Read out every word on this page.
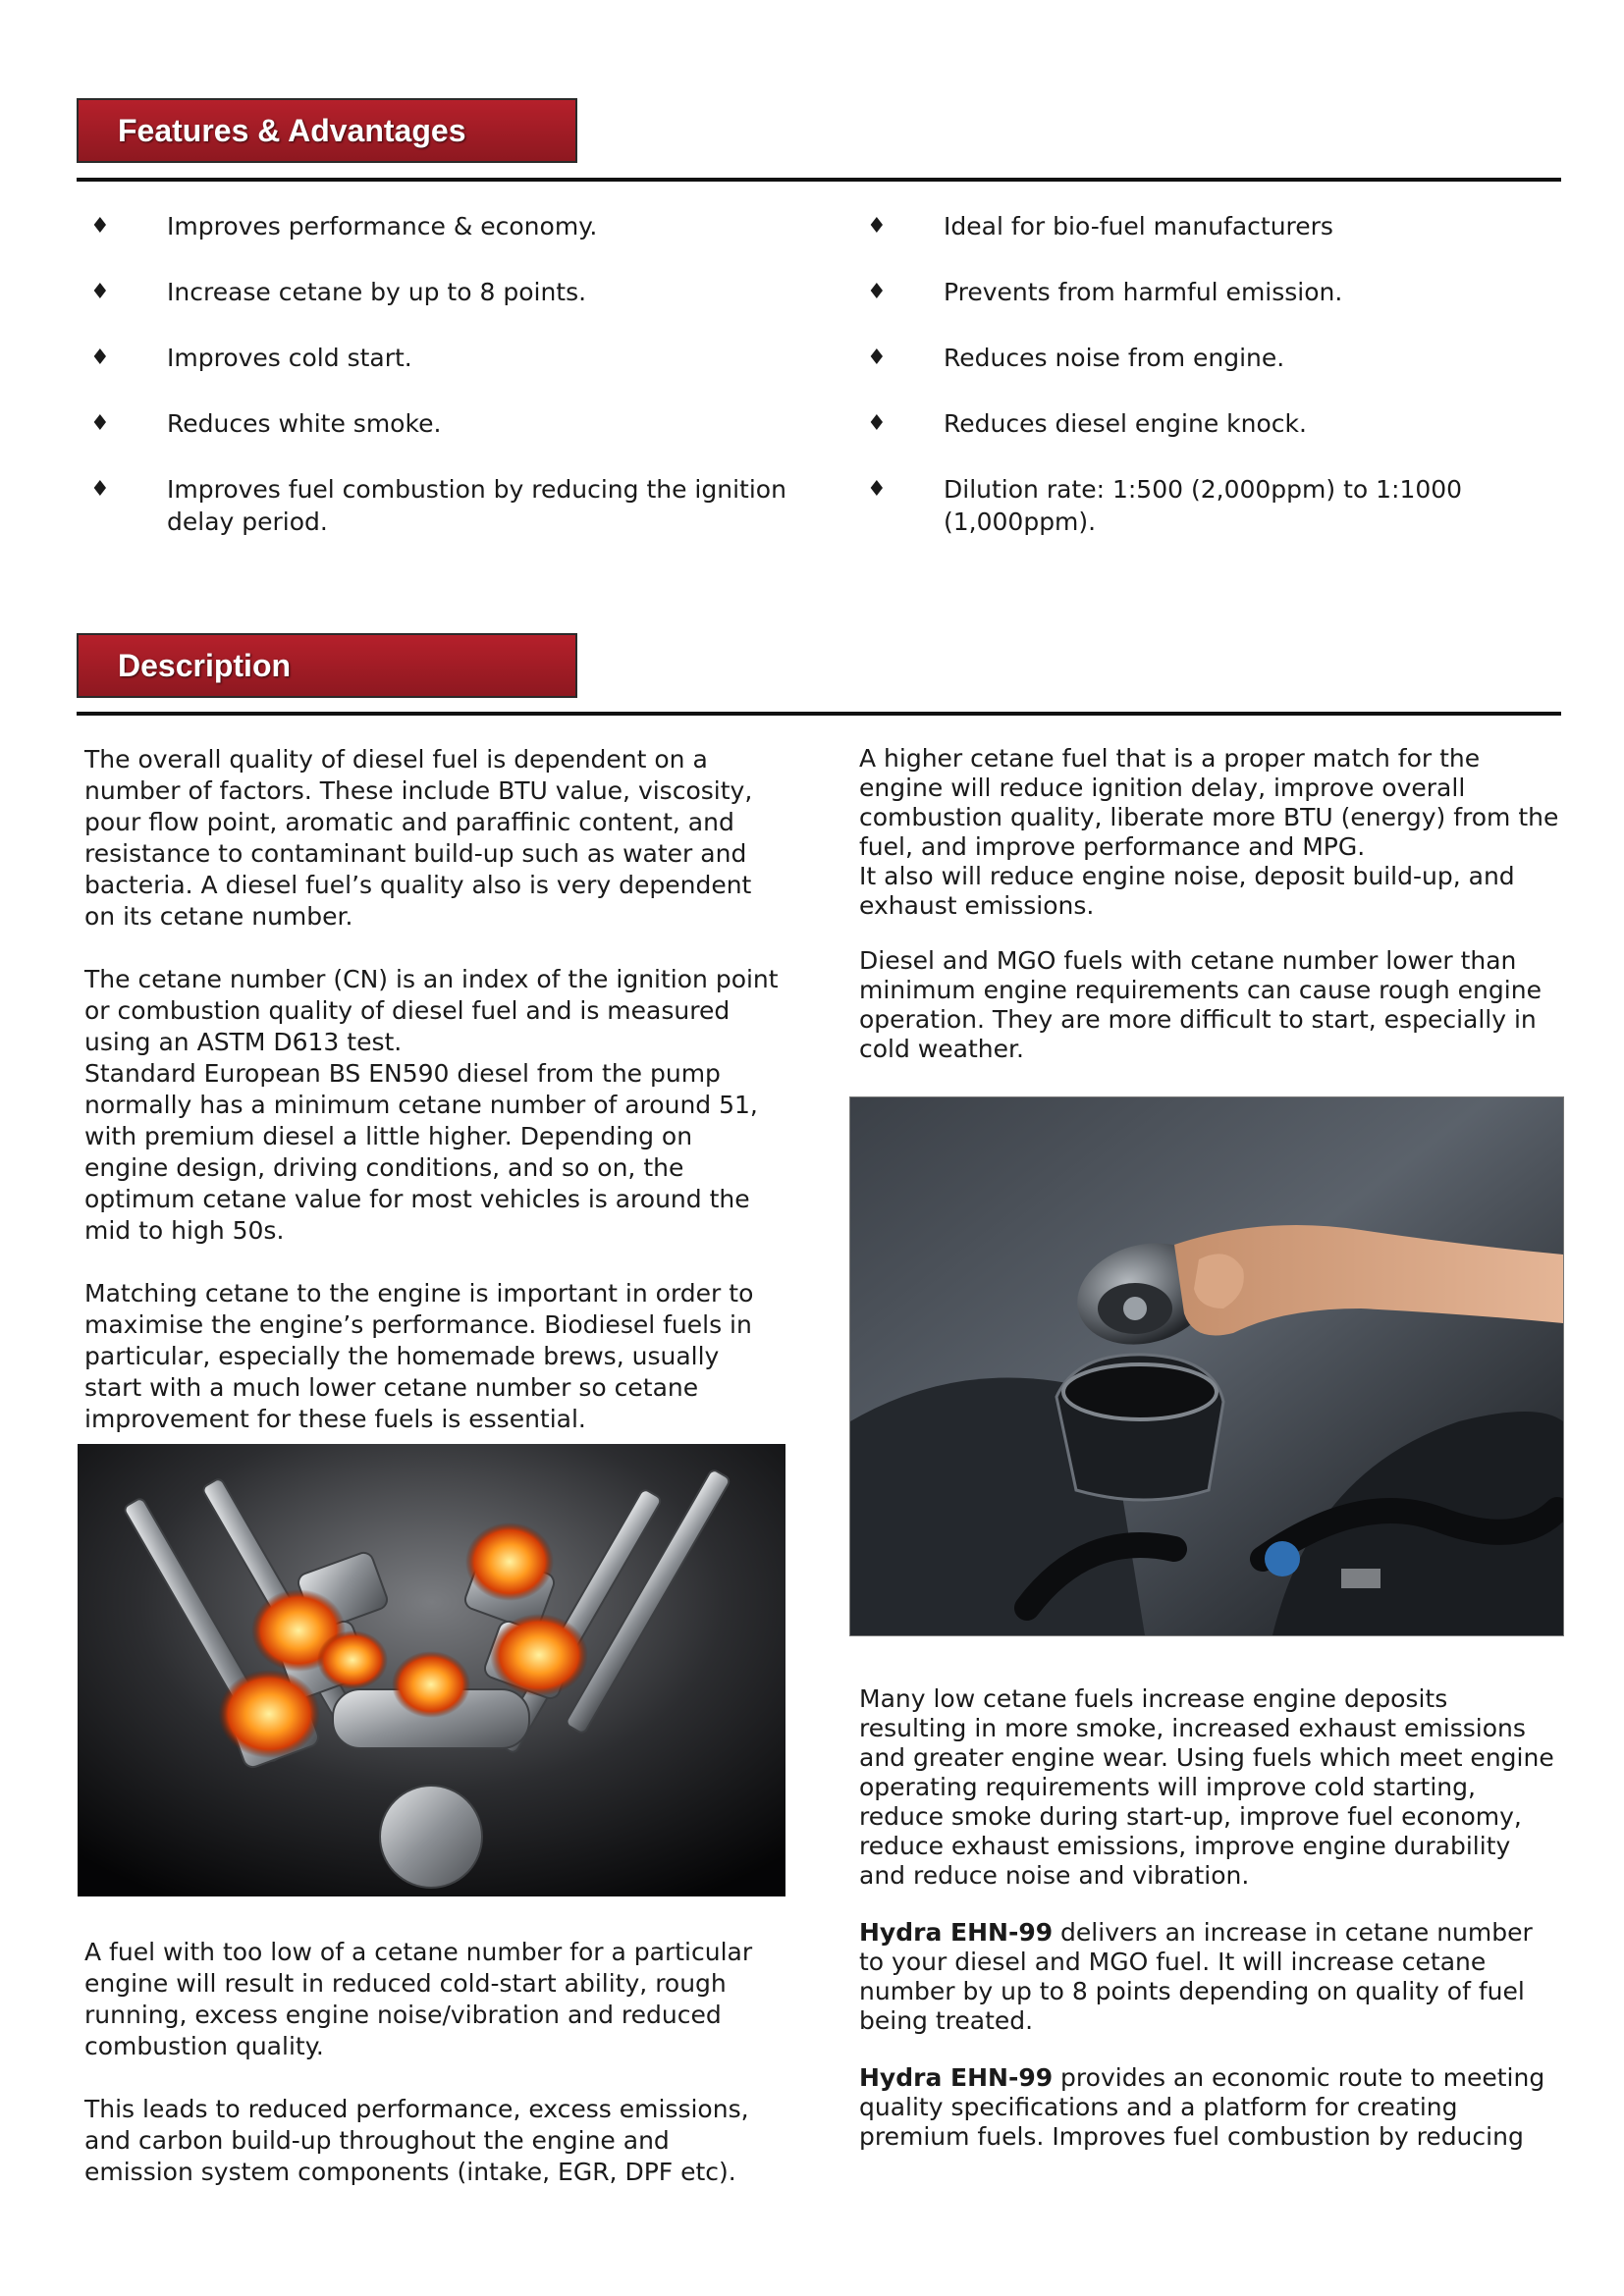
Features & Advantages
♦ Improves performance & economy.
♦ Increase cetane by up to 8 points.
♦ Improves cold start.
♦ Reduces white smoke.
♦ Improves fuel combustion by reducing the ignition delay period.
♦ Ideal for bio-fuel manufacturers
♦ Prevents from harmful emission.
♦ Reduces noise from engine.
♦ Reduces diesel engine knock.
♦ Dilution rate: 1:500 (2,000ppm) to 1:1000 (1,000ppm).
Description

The overall quality of diesel fuel is dependent on a number of factors. These include BTU value, viscosity, pour flow point, aromatic and paraffinic content, and resistance to contaminant build-up such as water and bacteria. A diesel fuel’s quality also is very dependent on its cetane number.

The cetane number (CN) is an index of the ignition point or combustion quality of diesel fuel and is measured using an ASTM D613 test.

Standard European BS EN590 diesel from the pump normally has a minimum cetane number of around 51, with premium diesel a little higher. Depending on engine design, driving conditions, and so on, the optimum cetane value for most vehicles is around the mid to high 50s.

Matching cetane to the engine is important in order to maximise the engine’s performance. Biodiesel fuels in particular, especially the homemade brews, usually start with a much lower cetane number so cetane improvement for these fuels is essential.

A fuel with too low of a cetane number for a particular engine will result in reduced cold-start ability, rough running, excess engine noise/vibration and reduced combustion quality.

This leads to reduced performance, excess emissions, and carbon build-up throughout the engine and emission system components (intake, EGR, DPF etc).

A higher cetane fuel that is a proper match for the engine will reduce ignition delay, improve overall combustion quality, liberate more BTU (energy) from the fuel, and improve performance and MPG.

It also will reduce engine noise, deposit build-up, and exhaust emissions.

Diesel and MGO fuels with cetane number lower than minimum engine requirements can cause rough engine operation. They are more difficult to start, especially in cold weather.

Many low cetane fuels increase engine deposits resulting in more smoke, increased exhaust emissions and greater engine wear. Using fuels which meet engine operating requirements will improve cold starting, reduce smoke during start-up, improve fuel economy, reduce exhaust emissions, improve engine durability and reduce noise and vibration.

Hydra EHN-99 delivers an increase in cetane number to your diesel and MGO fuel. It will increase cetane number by up to 8 points depending on quality of fuel being treated.

Hydra EHN-99 provides an economic route to meeting quality specifications and a platform for creating premium fuels. Improves fuel combustion by reducing
